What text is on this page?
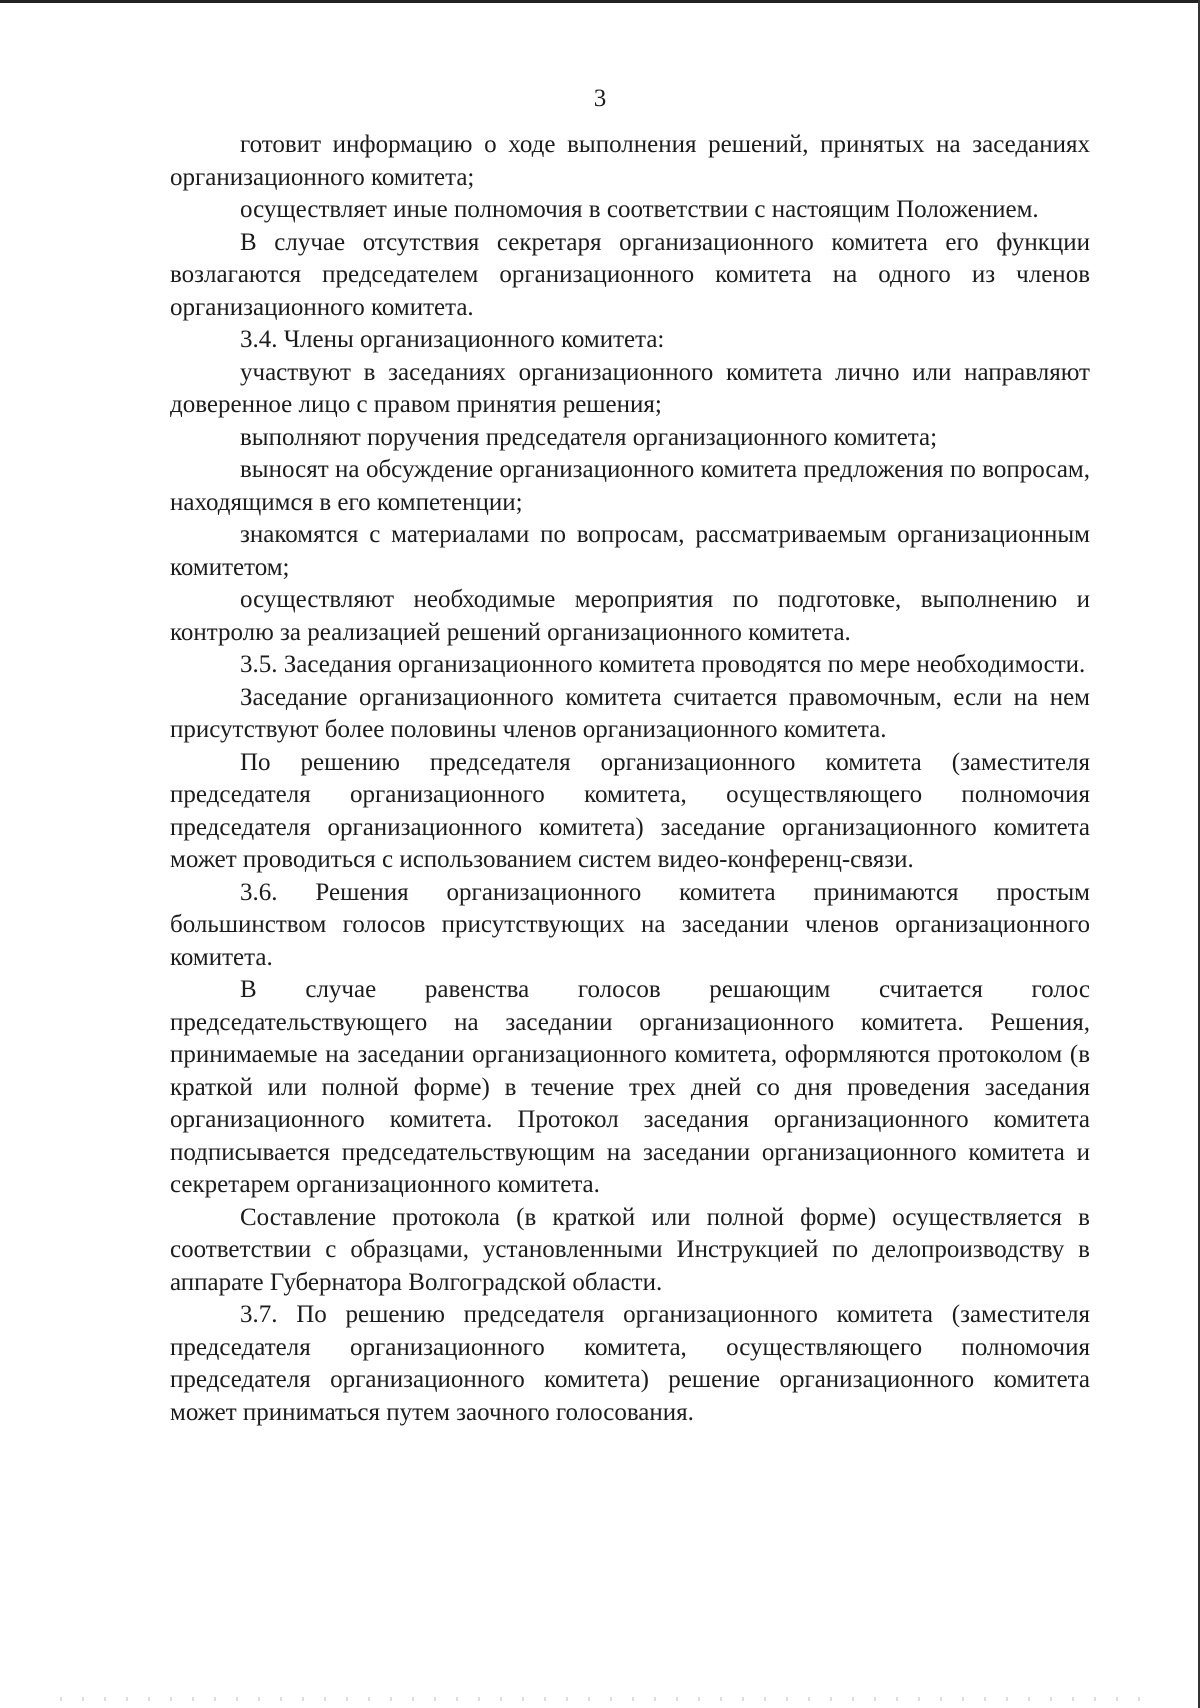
3

готовит информацию о ходе выполнения решений, принятых на заседаниях организационного комитета;

осуществляет иные полномочия в соответствии с настоящим Положением.

В случае отсутствия секретаря организационного комитета его функции возлагаются председателем организационного комитета на одного из членов организационного комитета.

3.4. Члены организационного комитета:

участвуют в заседаниях организационного комитета лично или направляют доверенное лицо с правом принятия решения;

выполняют поручения председателя организационного комитета;

выносят на обсуждение организационного комитета предложения по вопросам, находящимся в его компетенции;

знакомятся с материалами по вопросам, рассматриваемым организационным комитетом;

осуществляют необходимые мероприятия по подготовке, выполнению и контролю за реализацией решений организационного комитета.

3.5. Заседания организационного комитета проводятся по мере необходимости.

Заседание организационного комитета считается правомочным, если на нем присутствуют более половины членов организационного комитета.

По решению председателя организационного комитета (заместителя председателя организационного комитета, осуществляющего полномочия председателя организационного комитета) заседание организационного комитета может проводиться с использованием систем видео-конференц-связи.

3.6. Решения организационного комитета принимаются простым большинством голосов присутствующих на заседании членов организационного комитета.

В случае равенства голосов решающим считается голос председательствующего на заседании организационного комитета. Решения, принимаемые на заседании организационного комитета, оформляются протоколом (в краткой или полной форме) в течение трех дней со дня проведения заседания организационного комитета. Протокол заседания организационного комитета подписывается председательствующим на заседании организационного комитета и секретарем организационного комитета.

Составление протокола (в краткой или полной форме) осуществляется в соответствии с образцами, установленными Инструкцией по делопроизводству в аппарате Губернатора Волгоградской области.

3.7. По решению председателя организационного комитета (заместителя председателя организационного комитета, осуществляющего полномочия председателя организационного комитета) решение организационного комитета может приниматься путем заочного голосования.
